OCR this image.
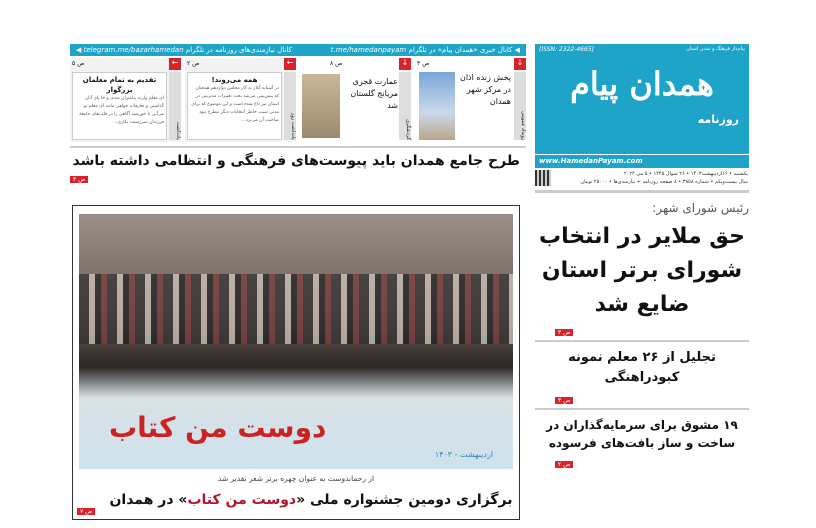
پیام‌دار فرهنگ و تمدن استان
[ISSN: 2322-4665]
همدان پیام
روزنامه
www.HamedanPayam.com
یکشنبه • ۱۶اردیبهشت۱۴۰۳ • ۲۶ شوال ۱۴۴۵ • ۵ می ۲۰۲۴
سال بیست‌ویکم • شماره ۳۸۵۸ • ۸ صفحه روزنامه + نیازمندی‌ها • ۲۵۰۰۰ تومان
◀ کانال خبری «همدان پیام» در تلگرام t.me/hamedanpayam
کانال نیازمندی‌های روزنامه در تلگرام telegram.me/bazarhamedan ◀
↓
ص ۴
رویداد عمومی
پخش زنده اذان در مرکز شهر همدان
↓
ص ۸
گردشگری
عمارت قجری مریانج گلستان شد
←
ص ۲
یادداشت روز
همه می‌روند!
در آستانه آغاز به کار مجلس دوازدهم همچنان که پیش‌بینی می‌شد بحث تغییرات مدیریتی در استان نیز داغ شده است و این موضوع که برای مدتی سبب خاطر انتخابات دیگر مطرح نبود صاحبت آن می‌برد...
←
ص ۵
یادداشت
تقدیم به تمام معلمان بزرگوار
ای معلم وارث پیامبران شدی و جا پای آنان گذاشتی و تعارفات خواهی مانند ای معلم تو می‌آیی تا خورشید آگاهی را در قلب‌های جامعه فرزندان سرزمینت بکاری...
طرح جامع همدان باید پیوست‌های فرهنگی و انتظامی داشته باشد
ص ۳
رئیس شورای شهر:
حق ملایر در انتخاب شورای برتر استان ضایع شد
ص ۳
تجلیل از ۲۶ معلم نمونه کبودراهنگی
ص ۳
۱۹ مشوق برای سرمایه‌گذاران در ساخت و ساز بافت‌های فرسوده
ص ۲
دوست من کتاب
اردیبهشت - ۱۴۰۳
از رحماندوست به عنوان چهره برتر شعر تقدیر شد
برگزاری دومین جشنواره ملی «دوست من کتاب» در همدان
ص ۷
